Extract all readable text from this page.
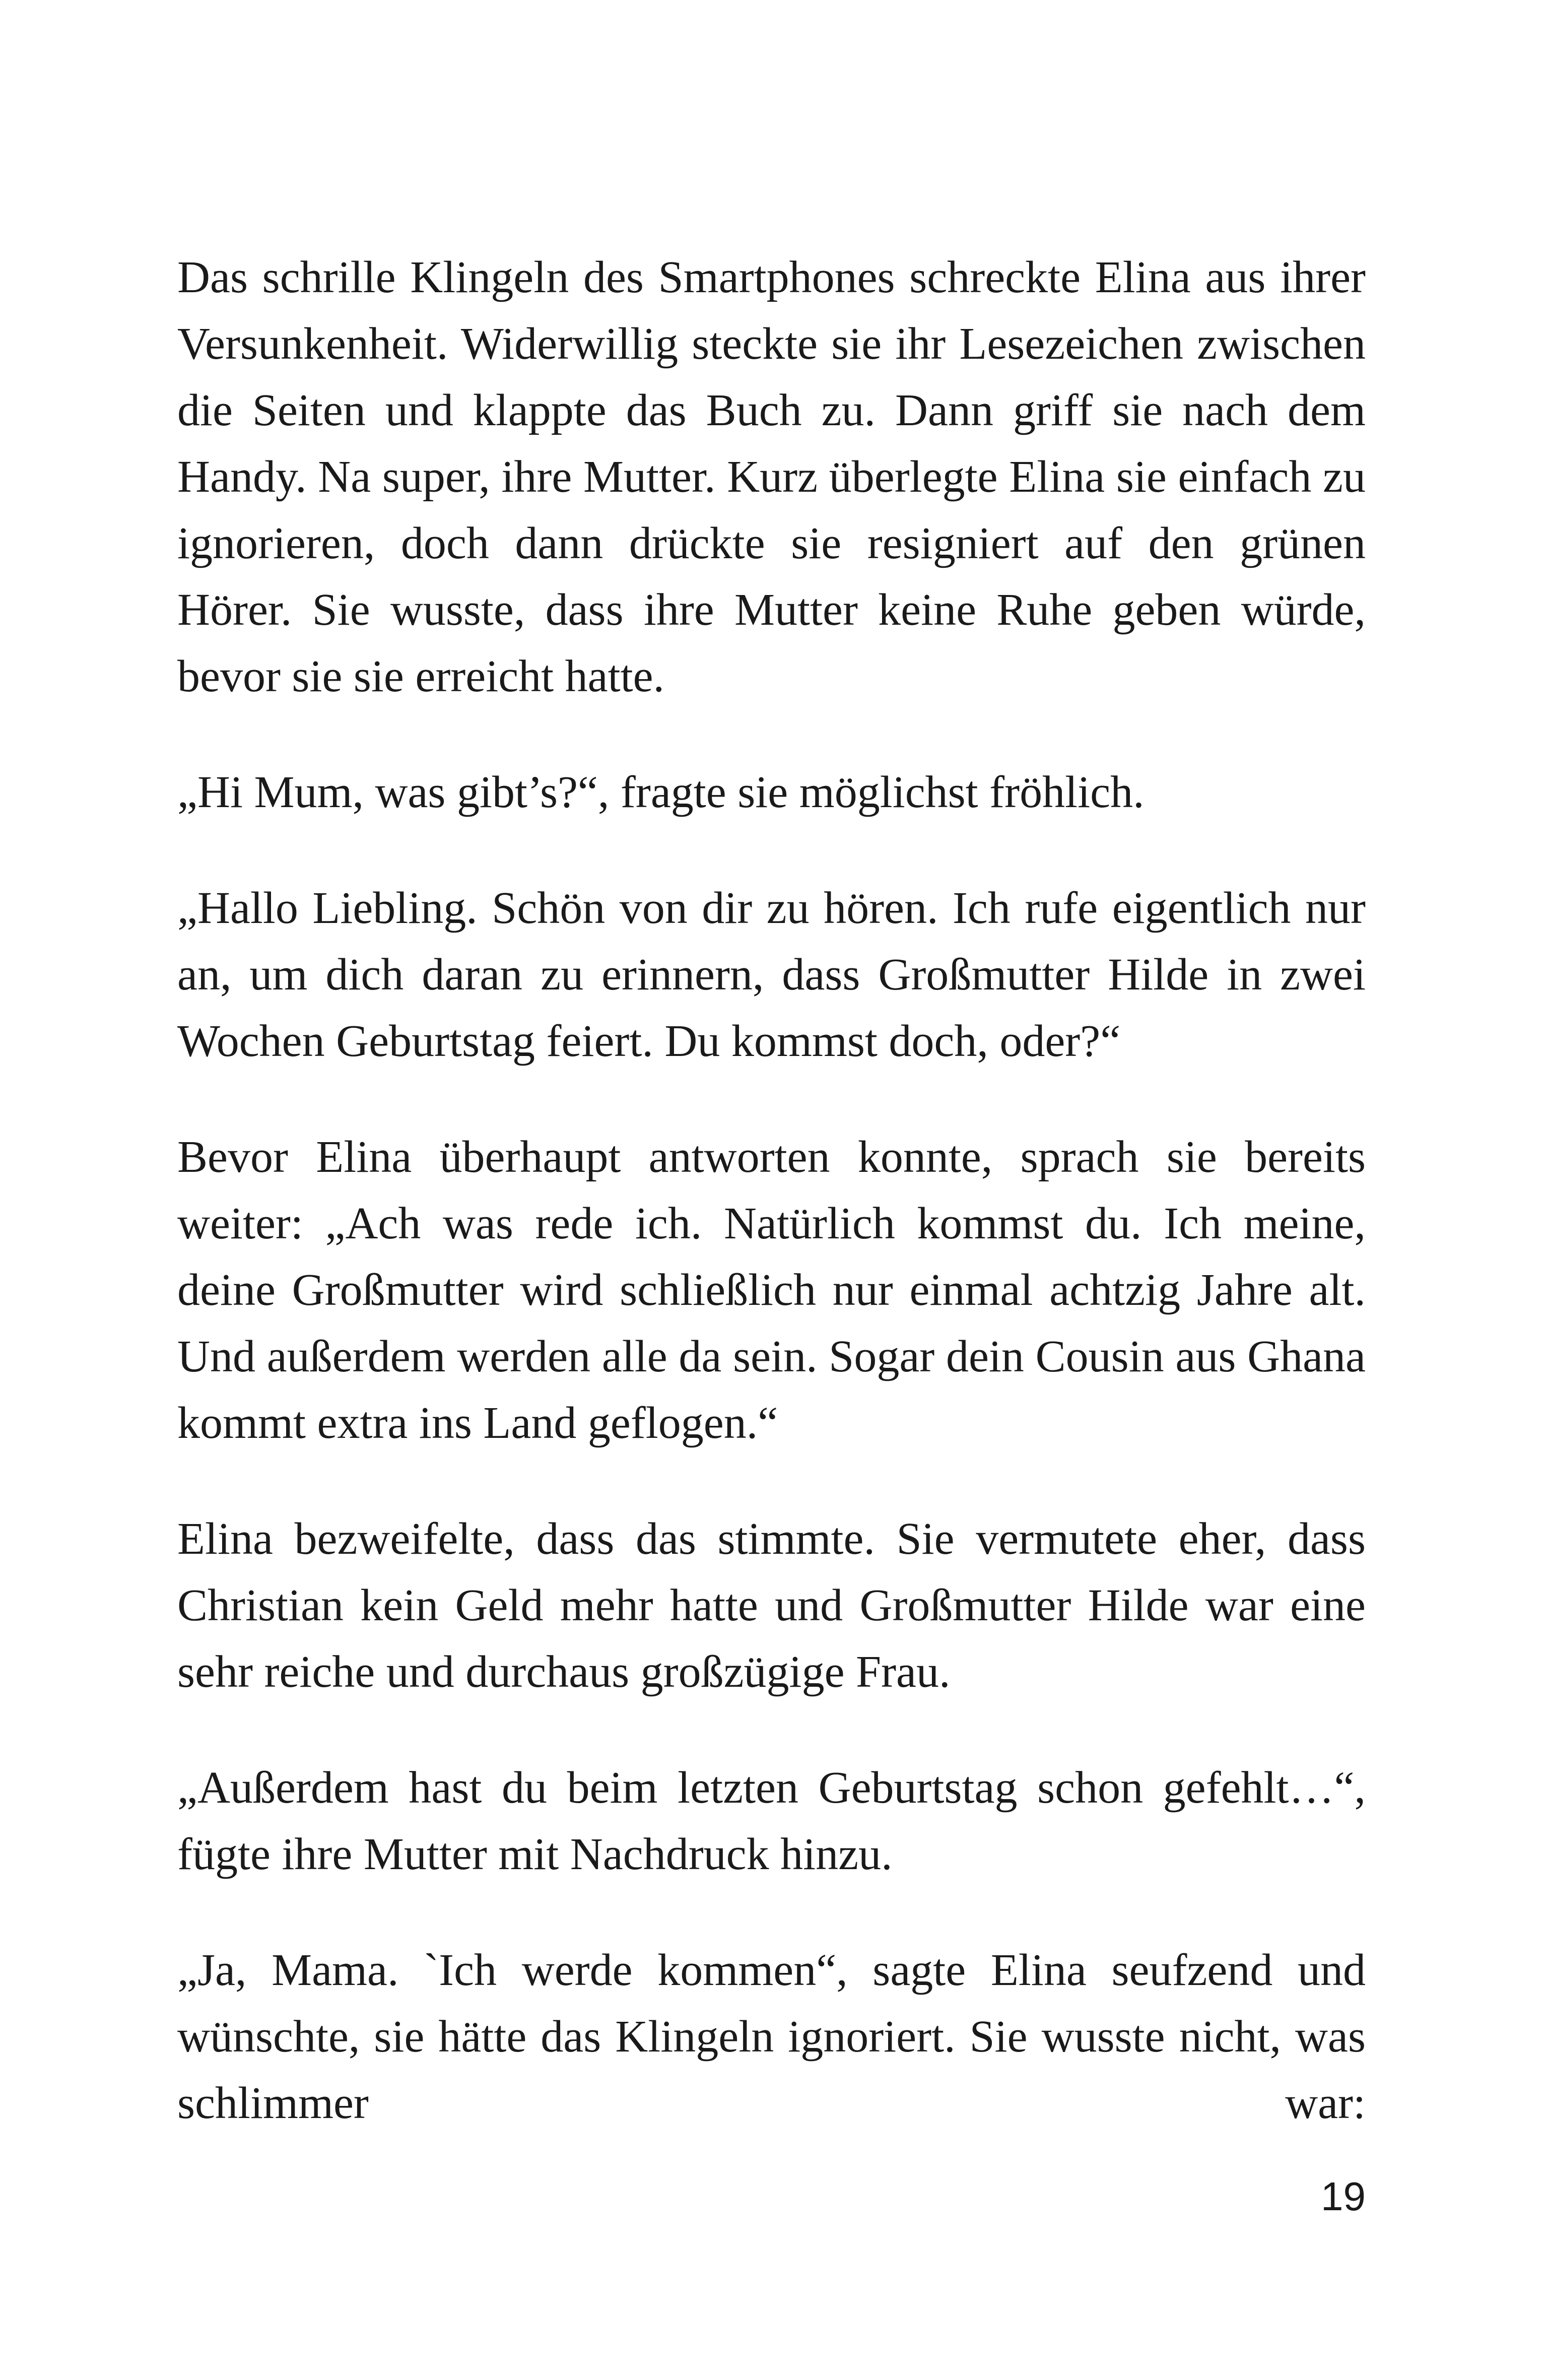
Das schrille Klingeln des Smartphones schreckte Elina aus ihrer Versunkenheit. Widerwillig steckte sie ihr Lesezeichen zwischen die Seiten und klappte das Buch zu. Dann griff sie nach dem Handy. Na super, ihre Mutter. Kurz überlegte Elina sie einfach zu ignorieren, doch dann drückte sie resigniert auf den grünen Hörer. Sie wusste, dass ihre Mutter keine Ruhe geben würde, bevor sie sie erreicht hatte.

„Hi Mum, was gibt’s?“, fragte sie möglichst fröhlich.

„Hallo Liebling. Schön von dir zu hören. Ich rufe eigentlich nur an, um dich daran zu erinnern, dass Großmutter Hilde in zwei Wochen Geburtstag feiert. Du kommst doch, oder?“

Bevor Elina überhaupt antworten konnte, sprach sie bereits weiter: „Ach was rede ich. Natürlich kommst du. Ich meine, deine Großmutter wird schließlich nur einmal achtzig Jahre alt. Und außerdem werden alle da sein. Sogar dein Cousin aus Ghana kommt extra ins Land geflogen.“

Elina bezweifelte, dass das stimmte. Sie vermutete eher, dass Christian kein Geld mehr hatte und Großmutter Hilde war eine sehr reiche und durchaus großzügige Frau.

„Außerdem hast du beim letzten Geburtstag schon gefehlt…“, fügte ihre Mutter mit Nachdruck hinzu.

„Ja, Mama. `Ich werde kommen“, sagte Elina seufzend und wünschte, sie hätte das Klingeln ignoriert. Sie wusste nicht, was schlimmer war:

19
